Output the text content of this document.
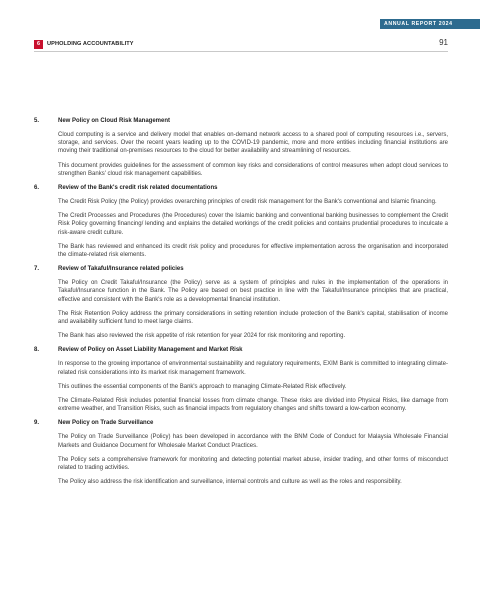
ANNUAL REPORT 2024
6	UPHOLDING ACCOUNTABILITY	91
5.	New Policy on Cloud Risk Management

Cloud computing is a service and delivery model that enables on-demand network access to a shared pool of computing resources i.e., servers, storage, and services. Over the recent years leading up to the COVID-19 pandemic, more and more entities including financial institutions are moving their traditional on-premises resources to the cloud for better availability and streamlining of resources.

This document provides guidelines for the assessment of common key risks and considerations of control measures when adopt cloud services to strengthen Banks' cloud risk management capabilities.

6.	Review of the Bank's credit risk related documentations

The Credit Risk Policy (the Policy) provides overarching principles of credit risk management for the Bank's conventional and Islamic financing.

The Credit Processes and Procedures (the Procedures) cover the Islamic banking and conventional banking businesses to complement the Credit Risk Policy governing financing/ lending and explains the detailed workings of the credit policies and contains prudential procedures to inculcate a risk-aware credit culture.

The Bank has reviewed and enhanced its credit risk policy and procedures for effective implementation across the organisation and incorporated the climate-related risk elements.

7.	Review of Takaful/Insurance related policies

The Policy on Credit Takaful/Insurance (the Policy) serve as a system of principles and rules in the implementation of the operations in Takaful/Insurance function in the Bank. The Policy are based on best practice in line with the Takaful/Insurance principles that are practical, effective and consistent with the Bank's role as a developmental financial institution.

The Risk Retention Policy address the primary considerations in setting retention include protection of the Bank's capital, stabilisation of income and availability sufficient fund to meet large claims.

The Bank has also reviewed the risk appetite of risk retention for year 2024 for risk monitoring and reporting.

8.	Review of Policy on Asset Liability Management and Market Risk

In response to the growing importance of environmental sustainability and regulatory requirements, EXIM Bank is committed to integrating climate-related risk considerations into its market risk management framework.

This outlines the essential components of the Bank's approach to managing Climate-Related Risk effectively.

The Climate-Related Risk includes potential financial losses from climate change. These risks are divided into Physical Risks, like damage from extreme weather, and Transition Risks, such as financial impacts from regulatory changes and shifts toward a low-carbon economy.

9.	New Policy on Trade Surveillance

The Policy on Trade Surveillance (Policy) has been developed in accordance with the BNM Code of Conduct for Malaysia Wholesale Financial Markets and Guidance Document for Wholesale Market Conduct Practices.

The Policy sets a comprehensive framework for monitoring and detecting potential market abuse, insider trading, and other forms of misconduct related to trading activities.

The Policy also address the risk identification and surveillance, internal controls and culture as well as the roles and responsibility.
